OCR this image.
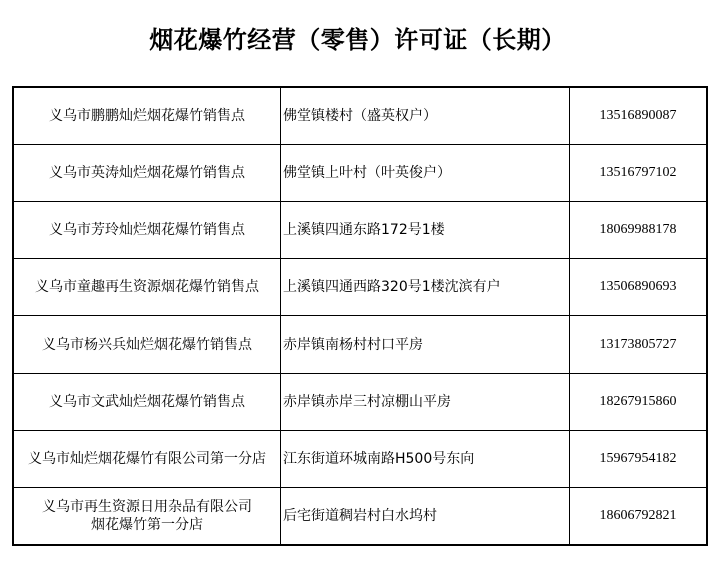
烟花爆竹经营（零售）许可证（长期）
义乌市鹏鹏灿烂烟花爆竹销售点	佛堂镇楼村（盛英权户）	13516890087

义乌市英涛灿烂烟花爆竹销售点	佛堂镇上叶村（叶英俊户）	13516797102

义乌市芳玲灿烂烟花爆竹销售点	上溪镇四通东路172号1楼	18069988178

义乌市童趣再生资源烟花爆竹销售点	上溪镇四通西路320号1楼沈滨有户	13506890693

义乌市杨兴兵灿烂烟花爆竹销售点	赤岸镇南杨村村口平房	13173805727

义乌市文武灿烂烟花爆竹销售点	赤岸镇赤岸三村凉棚山平房	18267915860

义乌市灿烂烟花爆竹有限公司第一分店	江东街道环城南路H500号东向	15967954182

义乌市再生资源日用杂品有限公司
烟花爆竹第一分店	后宅街道稠岩村白水坞村	18606792821
